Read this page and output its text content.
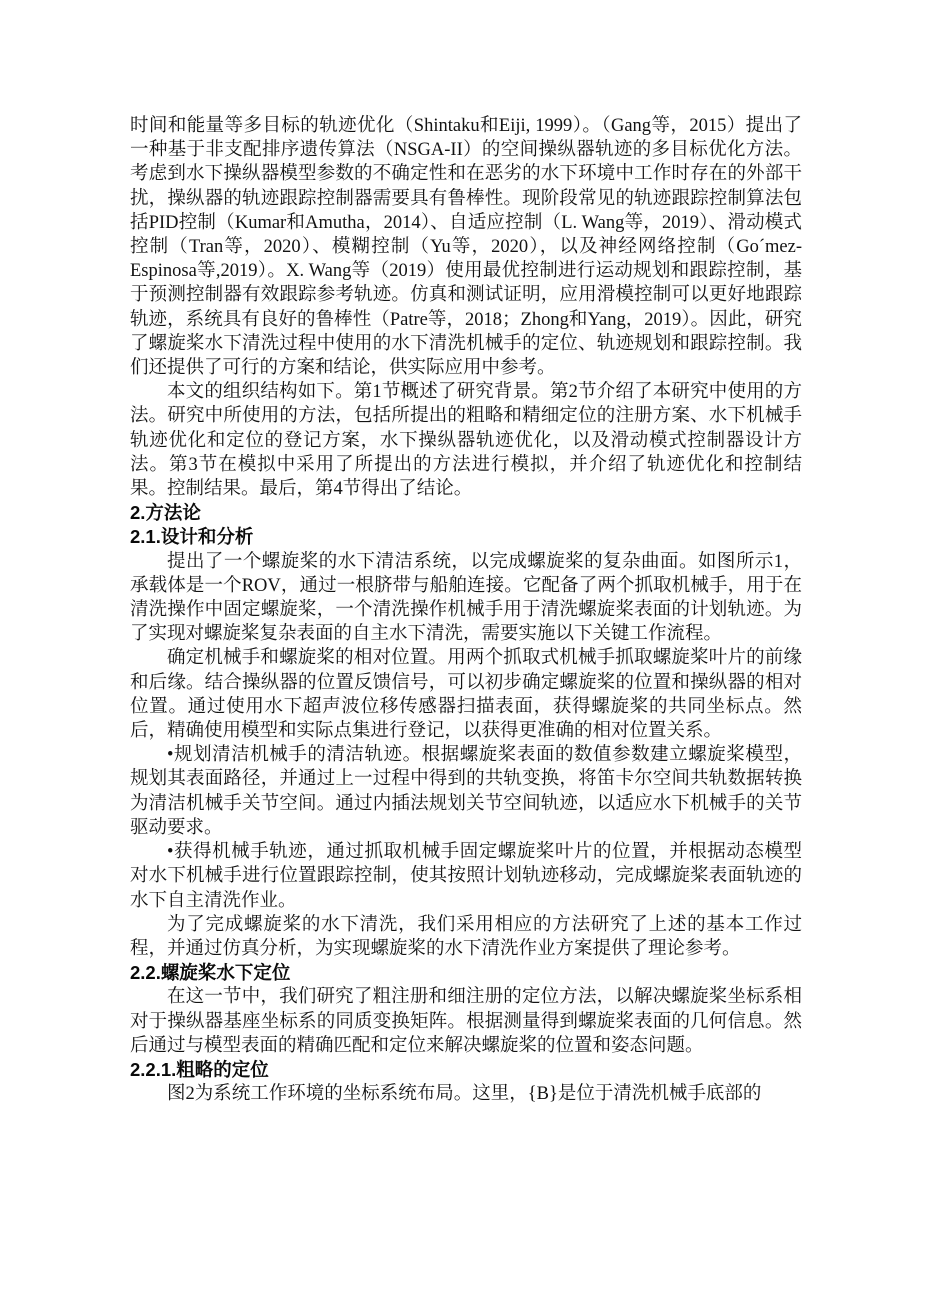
时间和能量等多目标的轨迹优化（Shintaku和Eiji, 1999）。（Gang等，2015）提出了一种基于非支配排序遗传算法（NSGA-II）的空间操纵器轨迹的多目标优化方法。考虑到水下操纵器模型参数的不确定性和在恶劣的水下环境中工作时存在的外部干扰，操纵器的轨迹跟踪控制器需要具有鲁棒性。现阶段常见的轨迹跟踪控制算法包括PID控制（Kumar和Amutha，2014）、自适应控制（L. Wang等，2019）、滑动模式控制（Tran等，2020）、模糊控制（Yu等，2020），以及神经网络控制（Go´mez-Espinosa等,2019）。X. Wang等（2019）使用最优控制进行运动规划和跟踪控制，基于预测控制器有效跟踪参考轨迹。仿真和测试证明，应用滑模控制可以更好地跟踪轨迹，系统具有良好的鲁棒性（Patre等，2018；Zhong和Yang，2019）。因此，研究了螺旋桨水下清洗过程中使用的水下清洗机械手的定位、轨迹规划和跟踪控制。我们还提供了可行的方案和结论，供实际应用中参考。

本文的组织结构如下。第1节概述了研究背景。第2节介绍了本研究中使用的方法。研究中所使用的方法，包括所提出的粗略和精细定位的注册方案、水下机械手轨迹优化和定位的登记方案，水下操纵器轨迹优化，以及滑动模式控制器设计方法。第3节在模拟中采用了所提出的方法进行模拟，并介绍了轨迹优化和控制结果。控制结果。最后，第4节得出了结论。

2.方法论
2.1.设计和分析

提出了一个螺旋桨的水下清洁系统，以完成螺旋桨的复杂曲面。如图所示1，承载体是一个ROV，通过一根脐带与船舶连接。它配备了两个抓取机械手，用于在清洗操作中固定螺旋桨，一个清洗操作机械手用于清洗螺旋桨表面的计划轨迹。为了实现对螺旋桨复杂表面的自主水下清洗，需要实施以下关键工作流程。

确定机械手和螺旋桨的相对位置。用两个抓取式机械手抓取螺旋桨叶片的前缘和后缘。结合操纵器的位置反馈信号，可以初步确定螺旋桨的位置和操纵器的相对位置。通过使用水下超声波位移传感器扫描表面，获得螺旋桨的共同坐标点。然后，精确使用模型和实际点集进行登记，以获得更准确的相对位置关系。

•规划清洁机械手的清洁轨迹。根据螺旋桨表面的数值参数建立螺旋桨模型，规划其表面路径，并通过上一过程中得到的共轨变换，将笛卡尔空间共轨数据转换为清洁机械手关节空间。通过内插法规划关节空间轨迹，以适应水下机械手的关节驱动要求。

•获得机械手轨迹，通过抓取机械手固定螺旋桨叶片的位置，并根据动态模型对水下机械手进行位置跟踪控制，使其按照计划轨迹移动，完成螺旋桨表面轨迹的水下自主清洗作业。

为了完成螺旋桨的水下清洗，我们采用相应的方法研究了上述的基本工作过程，并通过仿真分析，为实现螺旋桨的水下清洗作业方案提供了理论参考。

2.2.螺旋桨水下定位

在这一节中，我们研究了粗注册和细注册的定位方法，以解决螺旋桨坐标系相对于操纵器基座坐标系的同质变换矩阵。根据测量得到螺旋桨表面的几何信息。然后通过与模型表面的精确匹配和定位来解决螺旋桨的位置和姿态问题。

2.2.1.粗略的定位

图2为系统工作环境的坐标系统布局。这里，{B}是位于清洗机械手底部的
